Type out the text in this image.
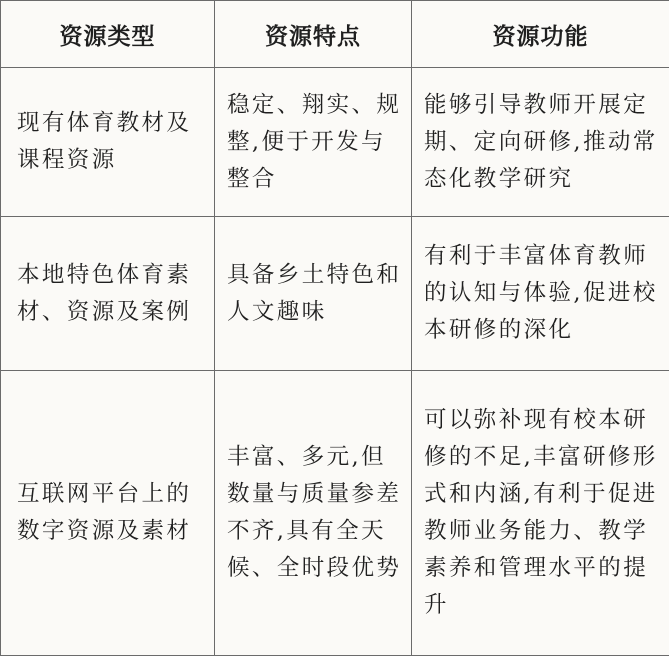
资源类型	资源特点	资源功能

现有体育教材及课程资源	稳定、翔实、规整,便于开发与整合	能够引导教师开展定期、定向研修,推动常态化教学研究

本地特色体育素材、资源及案例	具备乡土特色和人文趣味	有利于丰富体育教师的认知与体验,促进校本研修的深化

互联网平台上的数字资源及素材	丰富、多元,但数量与质量参差不齐,具有全天候、全时段优势	可以弥补现有校本研修的不足,丰富研修形式和内涵,有利于促进教师业务能力、教学素养和管理水平的提升
